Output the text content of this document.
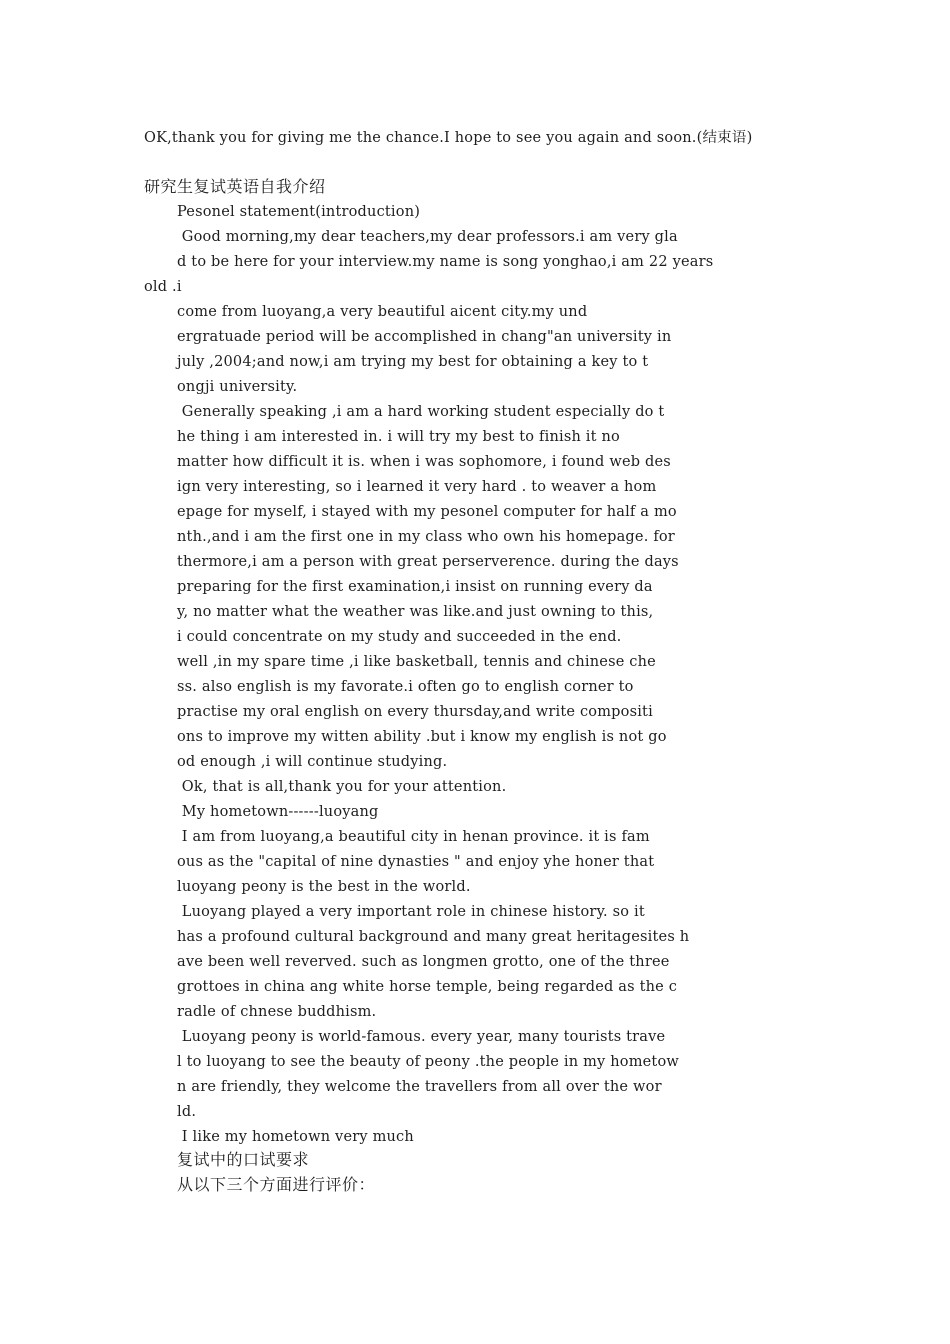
OK,thank you for giving me the chance.I hope to see you again and soon.(结束语)
研究生复试英语自我介绍
Pesonel statement(introduction)
Good morning,my dear teachers,my dear professors.i am very gla
d to be here for your interview.my name is song yonghao,i am 22 years
old .i
come from luoyang,a very beautiful aicent city.my und
ergratuade period will be accomplished in chang"an university in
july ,2004;and now,i am trying my best for obtaining a key to t
ongji university.
Generally speaking ,i am a hard working student especially do t
he thing i am interested in. i will try my best to finish it no
matter how difficult it is. when i was sophomore, i found web des
ign very interesting, so i learned it very hard . to weaver a hom
epage for myself, i stayed with my pesonel computer for half a mo
nth.,and i am the first one in my class who own his homepage. for
thermore,i am a person with great perserverence. during the days
preparing for the first examination,i insist on running every da
y, no matter what the weather was like.and just owning to this,
i could concentrate on my study and succeeded in the end.
well ,in my spare time ,i like basketball, tennis and chinese che
ss. also english is my favorate.i often go to english corner to
practise my oral english on every thursday,and write compositi
ons to improve my witten ability .but i know my english is not go
od enough ,i will continue studying.
Ok, that is all,thank you for your attention.
My hometown------luoyang
I am from luoyang,a beautiful city in henan province. it is fam
ous as the "capital of nine dynasties " and enjoy yhe honer that
luoyang peony is the best in the world.
Luoyang played a very important role in chinese history. so it
has a profound cultural background and many great heritagesites h
ave been well reverved. such as longmen grotto, one of the three
grottoes in china ang white horse temple, being regarded as the c
radle of chnese buddhism.
Luoyang peony is world-famous. every year, many tourists trave
l to luoyang to see the beauty of peony .the people in my hometow
n are friendly, they welcome the travellers from all over the wor
ld.
I like my hometown very much
复试中的口试要求
从以下三个方面进行评价：
